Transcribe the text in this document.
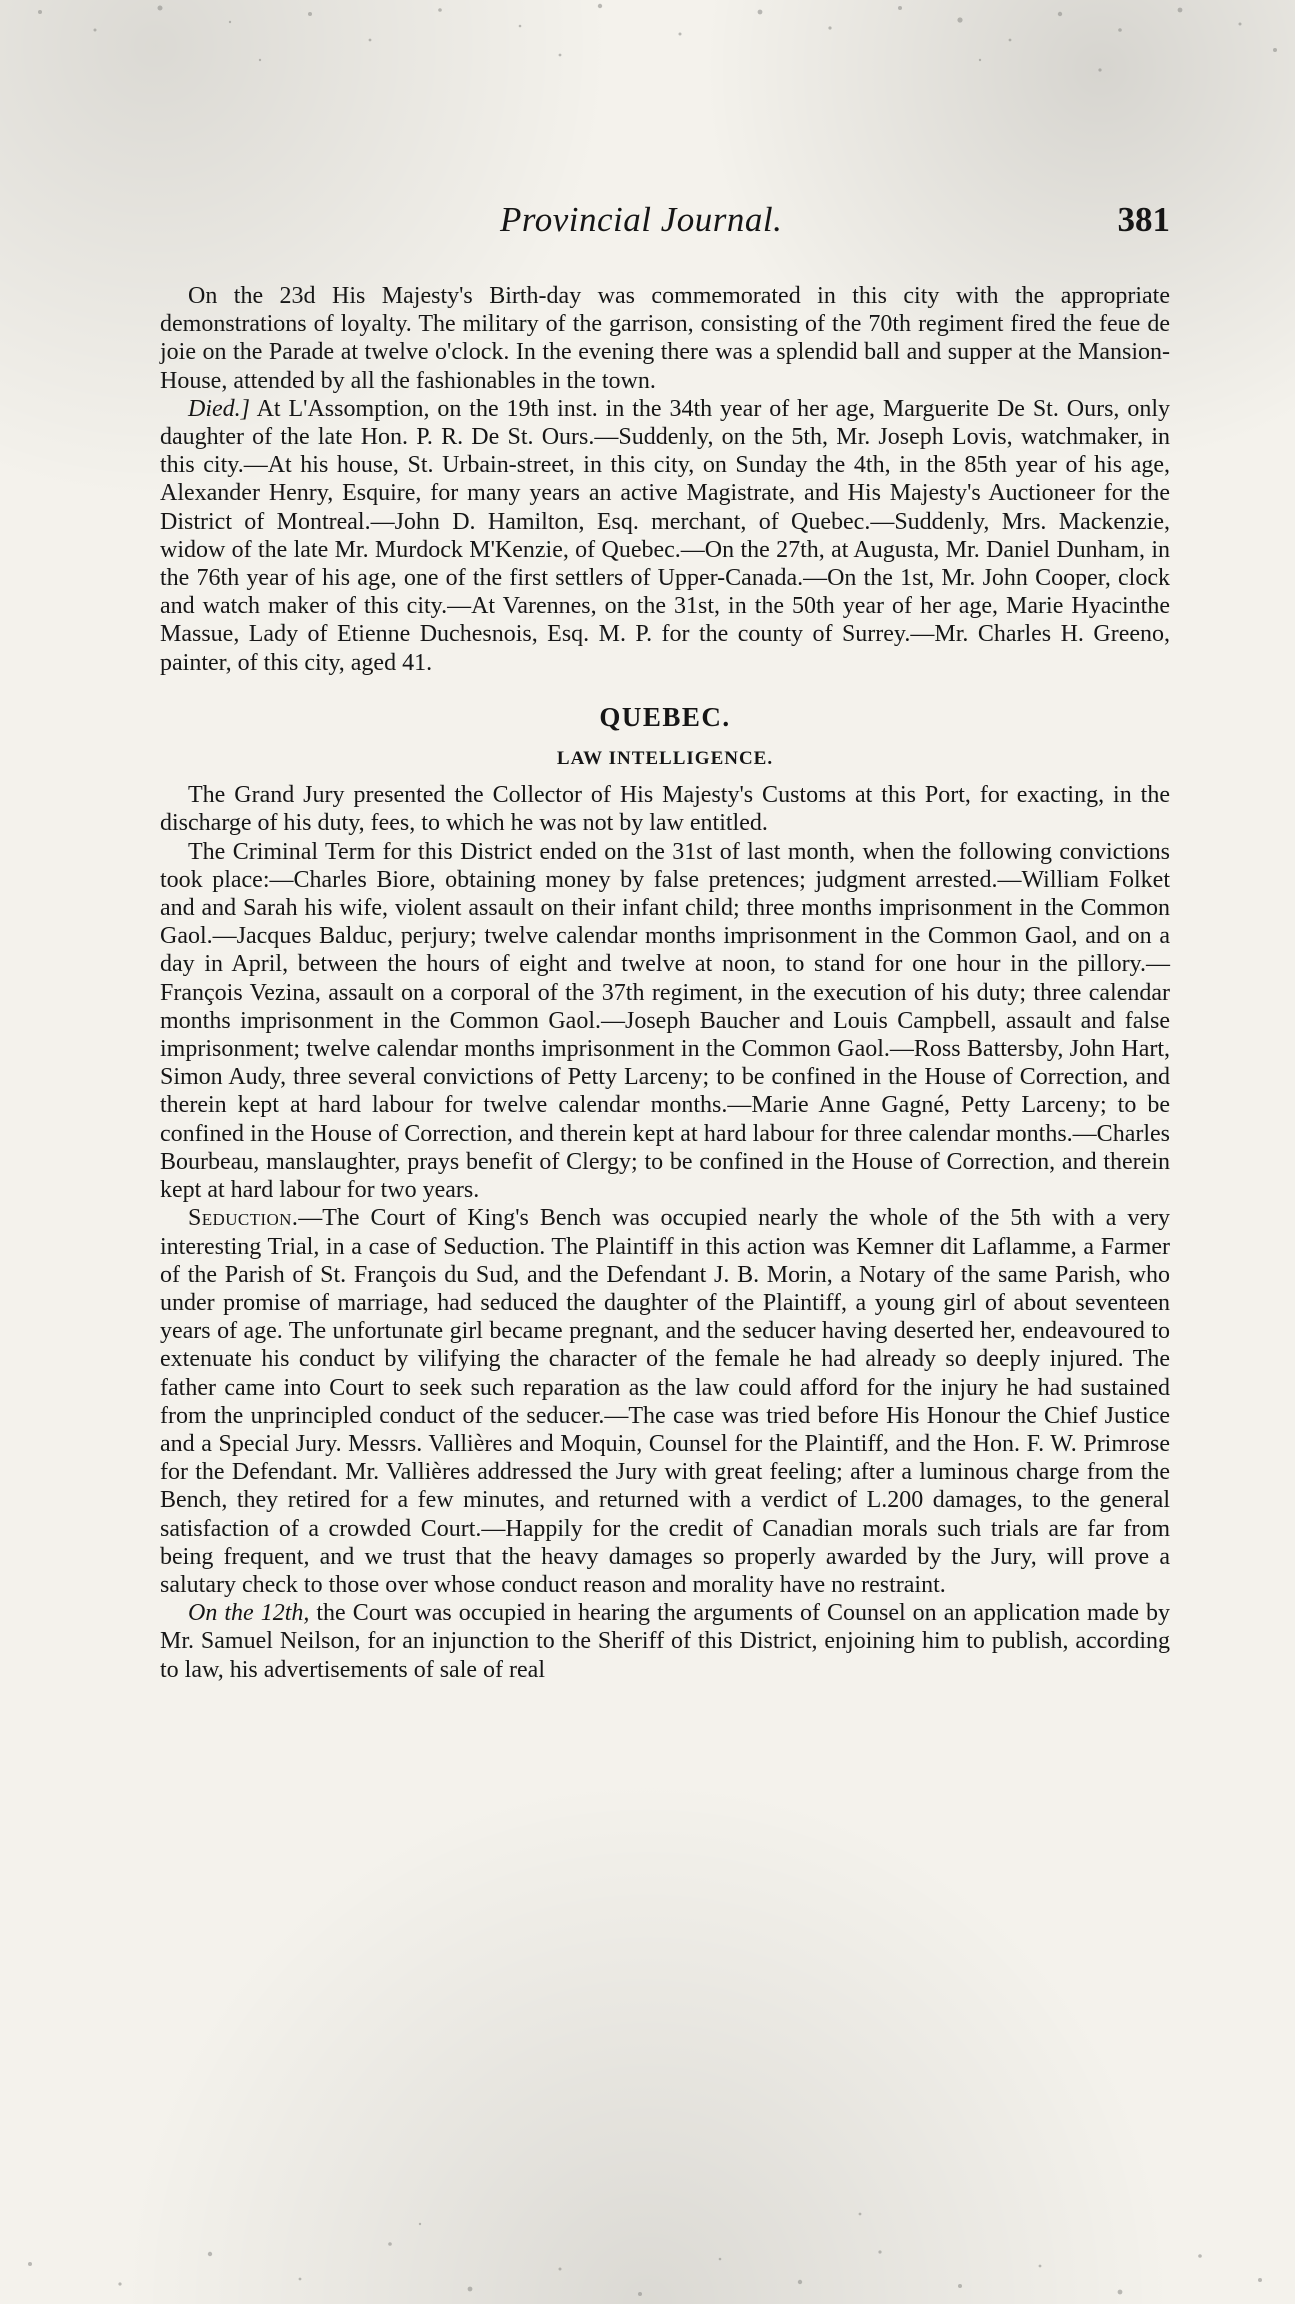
Provincial Journal.	381

On the 23d His Majesty's Birth-day was commemorated in this city with the appropriate demonstrations of loyalty. The military of the garrison, consisting of the 70th regiment fired the feue de joie on the Parade at twelve o'clock. In the evening there was a splendid ball and supper at the Mansion-House, attended by all the fashionables in the town.

Died.] At L'Assomption, on the 19th inst. in the 34th year of her age, Marguerite De St. Ours, only daughter of the late Hon. P. R. De St. Ours.—Suddenly, on the 5th, Mr. Joseph Lovis, watchmaker, in this city.—At his house, St. Urbain-street, in this city, on Sunday the 4th, in the 85th year of his age, Alexander Henry, Esquire, for many years an active Magistrate, and His Majesty's Auctioneer for the District of Montreal.—John D. Hamilton, Esq. merchant, of Quebec.—Suddenly, Mrs. Mackenzie, widow of the late Mr. Murdock M'Kenzie, of Quebec.—On the 27th, at Augusta, Mr. Daniel Dunham, in the 76th year of his age, one of the first settlers of Upper-Canada.—On the 1st, Mr. John Cooper, clock and watch maker of this city.—At Varennes, on the 31st, in the 50th year of her age, Marie Hyacinthe Massue, Lady of Etienne Duchesnois, Esq. M. P. for the county of Surrey.—Mr. Charles H. Greeno, painter, of this city, aged 41.

QUEBEC.
LAW INTELLIGENCE.

The Grand Jury presented the Collector of His Majesty's Customs at this Port, for exacting, in the discharge of his duty, fees, to which he was not by law entitled.

The Criminal Term for this District ended on the 31st of last month, when the following convictions took place:—Charles Biore, obtaining money by false pretences; judgment arrested.—William Folket and and Sarah his wife, violent assault on their infant child; three months imprisonment in the Common Gaol.—Jacques Balduc, perjury; twelve calendar months imprisonment in the Common Gaol, and on a day in April, between the hours of eight and twelve at noon, to stand for one hour in the pillory.—François Vezina, assault on a corporal of the 37th regiment, in the execution of his duty; three calendar months imprisonment in the Common Gaol.—Joseph Baucher and Louis Campbell, assault and false imprisonment; twelve calendar months imprisonment in the Common Gaol.—Ross Battersby, John Hart, Simon Audy, three several convictions of Petty Larceny; to be confined in the House of Correction, and therein kept at hard labour for twelve calendar months.—Marie Anne Gagné, Petty Larceny; to be confined in the House of Correction, and therein kept at hard labour for three calendar months.—Charles Bourbeau, manslaughter, prays benefit of Clergy; to be confined in the House of Correction, and therein kept at hard labour for two years.

Seduction.—The Court of King's Bench was occupied nearly the whole of the 5th with a very interesting Trial, in a case of Seduction. The Plaintiff in this action was Kemner dit Laflamme, a Farmer of the Parish of St. François du Sud, and the Defendant J. B. Morin, a Notary of the same Parish, who under promise of marriage, had seduced the daughter of the Plaintiff, a young girl of about seventeen years of age. The unfortunate girl became pregnant, and the seducer having deserted her, endeavoured to extenuate his conduct by vilifying the character of the female he had already so deeply injured. The father came into Court to seek such reparation as the law could afford for the injury he had sustained from the unprincipled conduct of the seducer.—The case was tried before His Honour the Chief Justice and a Special Jury. Messrs. Vallières and Moquin, Counsel for the Plaintiff, and the Hon. F. W. Primrose for the Defendant. Mr. Vallières addressed the Jury with great feeling; after a luminous charge from the Bench, they retired for a few minutes, and returned with a verdict of L.200 damages, to the general satisfaction of a crowded Court.—Happily for the credit of Canadian morals such trials are far from being frequent, and we trust that the heavy damages so properly awarded by the Jury, will prove a salutary check to those over whose conduct reason and morality have no restraint.

On the 12th, the Court was occupied in hearing the arguments of Counsel on an application made by Mr. Samuel Neilson, for an injunction to the Sheriff of this District, enjoining him to publish, according to law, his advertisements of sale of real
